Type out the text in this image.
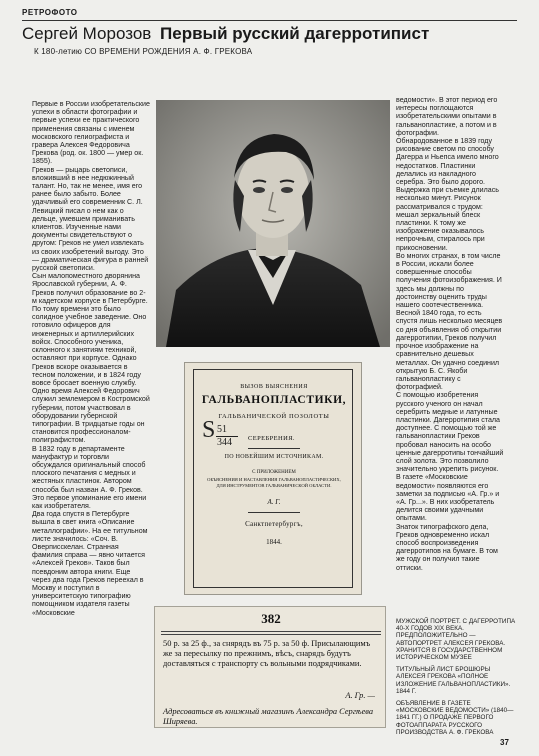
РЕТРОФОТО
Сергей Морозов Первый русский дагерротипист
К 180-летию СО ВРЕМЕНИ РОЖДЕНИЯ А. Ф. ГРЕКОВА

Первые в России изобретательские успехи в области фотографии и первые успехи ее практического применения связаны с именем московского гелиографиста и гравера Алексея Федоровича Грекова (род. ок. 1800 — умер ок. 1855).

Греков — рыцарь светописи, вложивший в нее недюжинный талант. Но, так не менее, имя его ранее было забыто. Более удачливый его современник С. Л. Левицкий писал о нем как о дельце, умевшем приманивать клиентов. Изученные нами документы свидетельствуют о другом: Греков не умел извлекать из своих изобретений выгоду. Это — драматическая фигура в ранней русской светописи.

Сын малопоместного дворянина Ярославской губернии, А. Ф. Греков получил образование во 2-м кадетском корпусе в Петербурге. По тому времени это было солидное учебное заведение. Оно готовило офицеров для инженерных и артиллерийских войск. Способного ученика, склонного к занятиям техникой, оставляют при корпусе. Однако Греков вскоре оказывается в тесном положении, и в 1824 году вовсе бросает военную службу.

Одно время Алексей Федорович служил землемером в Костромской губернии, потом участвовал в оборудовании губернской типографии. В тридцатые годы он становится профессионалом-полиграфистом.

В 1832 году в департаменте мануфактур и торговли обсуждался оригинальный способ плоского печатания с медных и жестяных пластинок. Автором способа был назван А. Ф. Греков. Это первое упоминание его имени как изобретателя.

Два года спустя в Петербурге вышла в свет книга «Описание металлографии». На ее титульном листе значилось: «Соч. В. Оверписскелан. Странная фамилия справа — явно читается «Алексей Греков». Таков был псевдоним автора книги. Еще через два года Греков переехал в Москву и поступил в университетскую типографию помощником издателя газеты «Московские

ведомости». В этот период его интересы поглощаются изобретательскими опытами в гальванопластике, а потом и в фотографии.

Обнародованное в 1839 году рисование светом по способу Дагерра и Ньепса имело много недостатков. Пластинки делались из накладного серебра. Это было дорого. Выдержка при съемке длилась несколько минут. Рисунок рассматривался с трудом: мешал зеркальный блеск пластинки. К тому же изображение оказывалось непрочным, стиралось при прикосновении.

Во многих странах, в том числе в России, искали более совершенные способы получения фотоизображения. И здесь мы должны по достоинству оценить труды нашего соотечественника. Весной 1840 года, то есть спустя лишь несколько месяцев со дня объявления об открытии дагерротипии, Греков получил прочное изображение на сравнительно дешевых металлах. Он удачно соединил открытую Б. С. Якоби гальванопластику с фотографией.

С помощью изобретения русского ученого он начал серебрить медные и латунные пластинки. Дагерротипия стала доступнее. С помощью той же гальванопластики Греков пробовал наносить на особо ценные дагерротипы тончайший слой золота. Это позволило значительно укрепить рисунок. В газете «Московские ведомости» появляются его заметки за подписью «А. Гр.» и «А. Гр...». В них изобретатель делится своими удачными опытами.

Знаток типографского дела, Греков одновременно искал способ воспроизведения дагерротипов на бумаге. В том же году он получил такие оттиски.

ВЫЗОВ ВЫЯСНЕНИЯ
ГАЛЬВАНОПЛАСТИКИ,
ГАЛЬВАНИЧЕСКОЙ ПОЗОЛОТЫ
СЕРЕБРЕНИЯ.
ПО НОВЕЙШИМ ИСТОЧНИКАМ.
С ПРИЛОЖЕНИЕМ
ОБЪЯСНЕНИЯ И НАСТАВЛЕНИЯ ГАЛЬВАНОПЛАСТИЧЕСКИХ, ДЛЯ ИНСТРУМЕНТОВ ГАЛЬВАНИЧЕСКОЙ ОБЛАСТИ.
А. Г.
Санктпетербургъ,
1844.
S 51
344
382
50 р. за 25 ф., за снярядъ въ 75 р. за 50 ф. Присылающимъ же за пересылку по прежнимъ, вѣсъ, снарядъ будутъ доставляться с транспорту съ вольными подрядчиками.
А. Гр. —
Адресоваться въ книжный магазинъ Александра Сергѣева Ширяева.

МУЖСКОЙ ПОРТРЕТ. С ДАГЕРРОТИПА 40-Х ГОДОВ XIX ВЕКА. ПРЕДПОЛОЖИТЕЛЬНО — АВТОПОРТРЕТ АЛЕКСЕЯ ГРЕКОВА. ХРАНИТСЯ В ГОСУДАРСТВЕННОМ ИСТОРИЧЕСКОМ МУЗЕЕ

ТИТУЛЬНЫЙ ЛИСТ БРОШЮРЫ АЛЕКСЕЯ ГРЕКОВА «ПОЛНОЕ ИЗЛОЖЕНИЕ ГАЛЬВАНОПЛАСТИКИ». 1844 Г.

ОБЪЯВЛЕНИЕ В ГАЗЕТЕ «МОСКОВСКИЕ ВЕДОМОСТИ» (1840—1841 ГГ.) О ПРОДАЖЕ ПЕРВОГО ФОТОАППАРАТА РУССКОГО ПРОИЗВОДСТВА А. Ф. ГРЕКОВА

37
